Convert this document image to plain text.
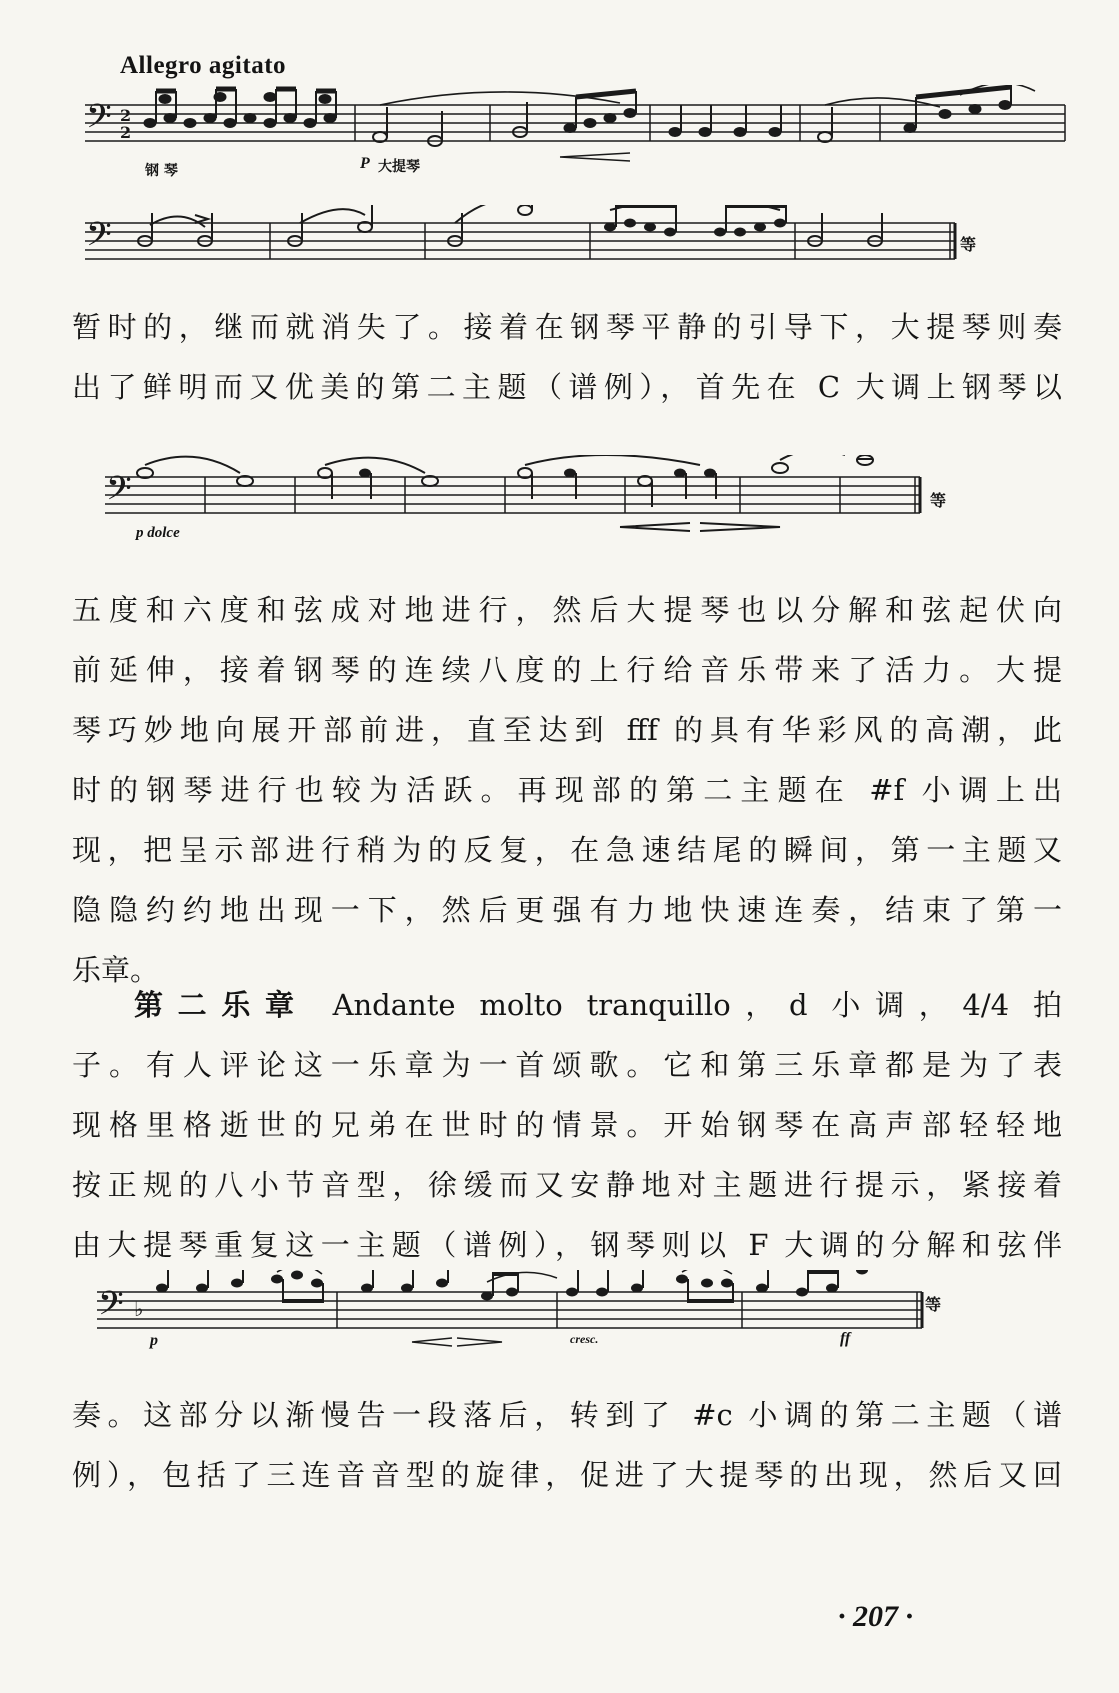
Allegro agitato
𝄢 2
2
钢 琴	P 大提琴
𝄢	等
暂时的，继而就消失了。接着在钢琴平静的引导下，大提琴则奏
出了鲜明而又优美的第二主题（谱例），首先在 C 大调上钢琴以
𝄢
p dolce
等
五度和六度和弦成对地进行，然后大提琴也以分解和弦起伏向
前延伸，接着钢琴的连续八度的上行给音乐带来了活力。大提
琴巧妙地向展开部前进，直至达到 fff 的具有华彩风的高潮，此
时的钢琴进行也较为活跃。再现部的第二主题在 #f 小调上出
现，把呈示部进行稍为的反复，在急速结尾的瞬间，第一主题又
隐隐约约地出现一下，然后更强有力地快速连奏，结束了第一
乐章。
第二乐章 Andante molto tranquillo，d 小调，4/4 拍
子。有人评论这一乐章为一首颂歌。它和第三乐章都是为了表
现格里格逝世的兄弟在世时的情景。开始钢琴在高声部轻轻地
按正规的八小节音型，徐缓而又安静地对主题进行提示，紧接着
由大提琴重复这一主题（谱例），钢琴则以 F 大调的分解和弦伴
𝄢 ♭
p	cresc.	ff
等
奏。这部分以渐慢告一段落后，转到了 #c 小调的第二主题（谱
例），包括了三连音音型的旋律，促进了大提琴的出现，然后又回
· 207 ·
